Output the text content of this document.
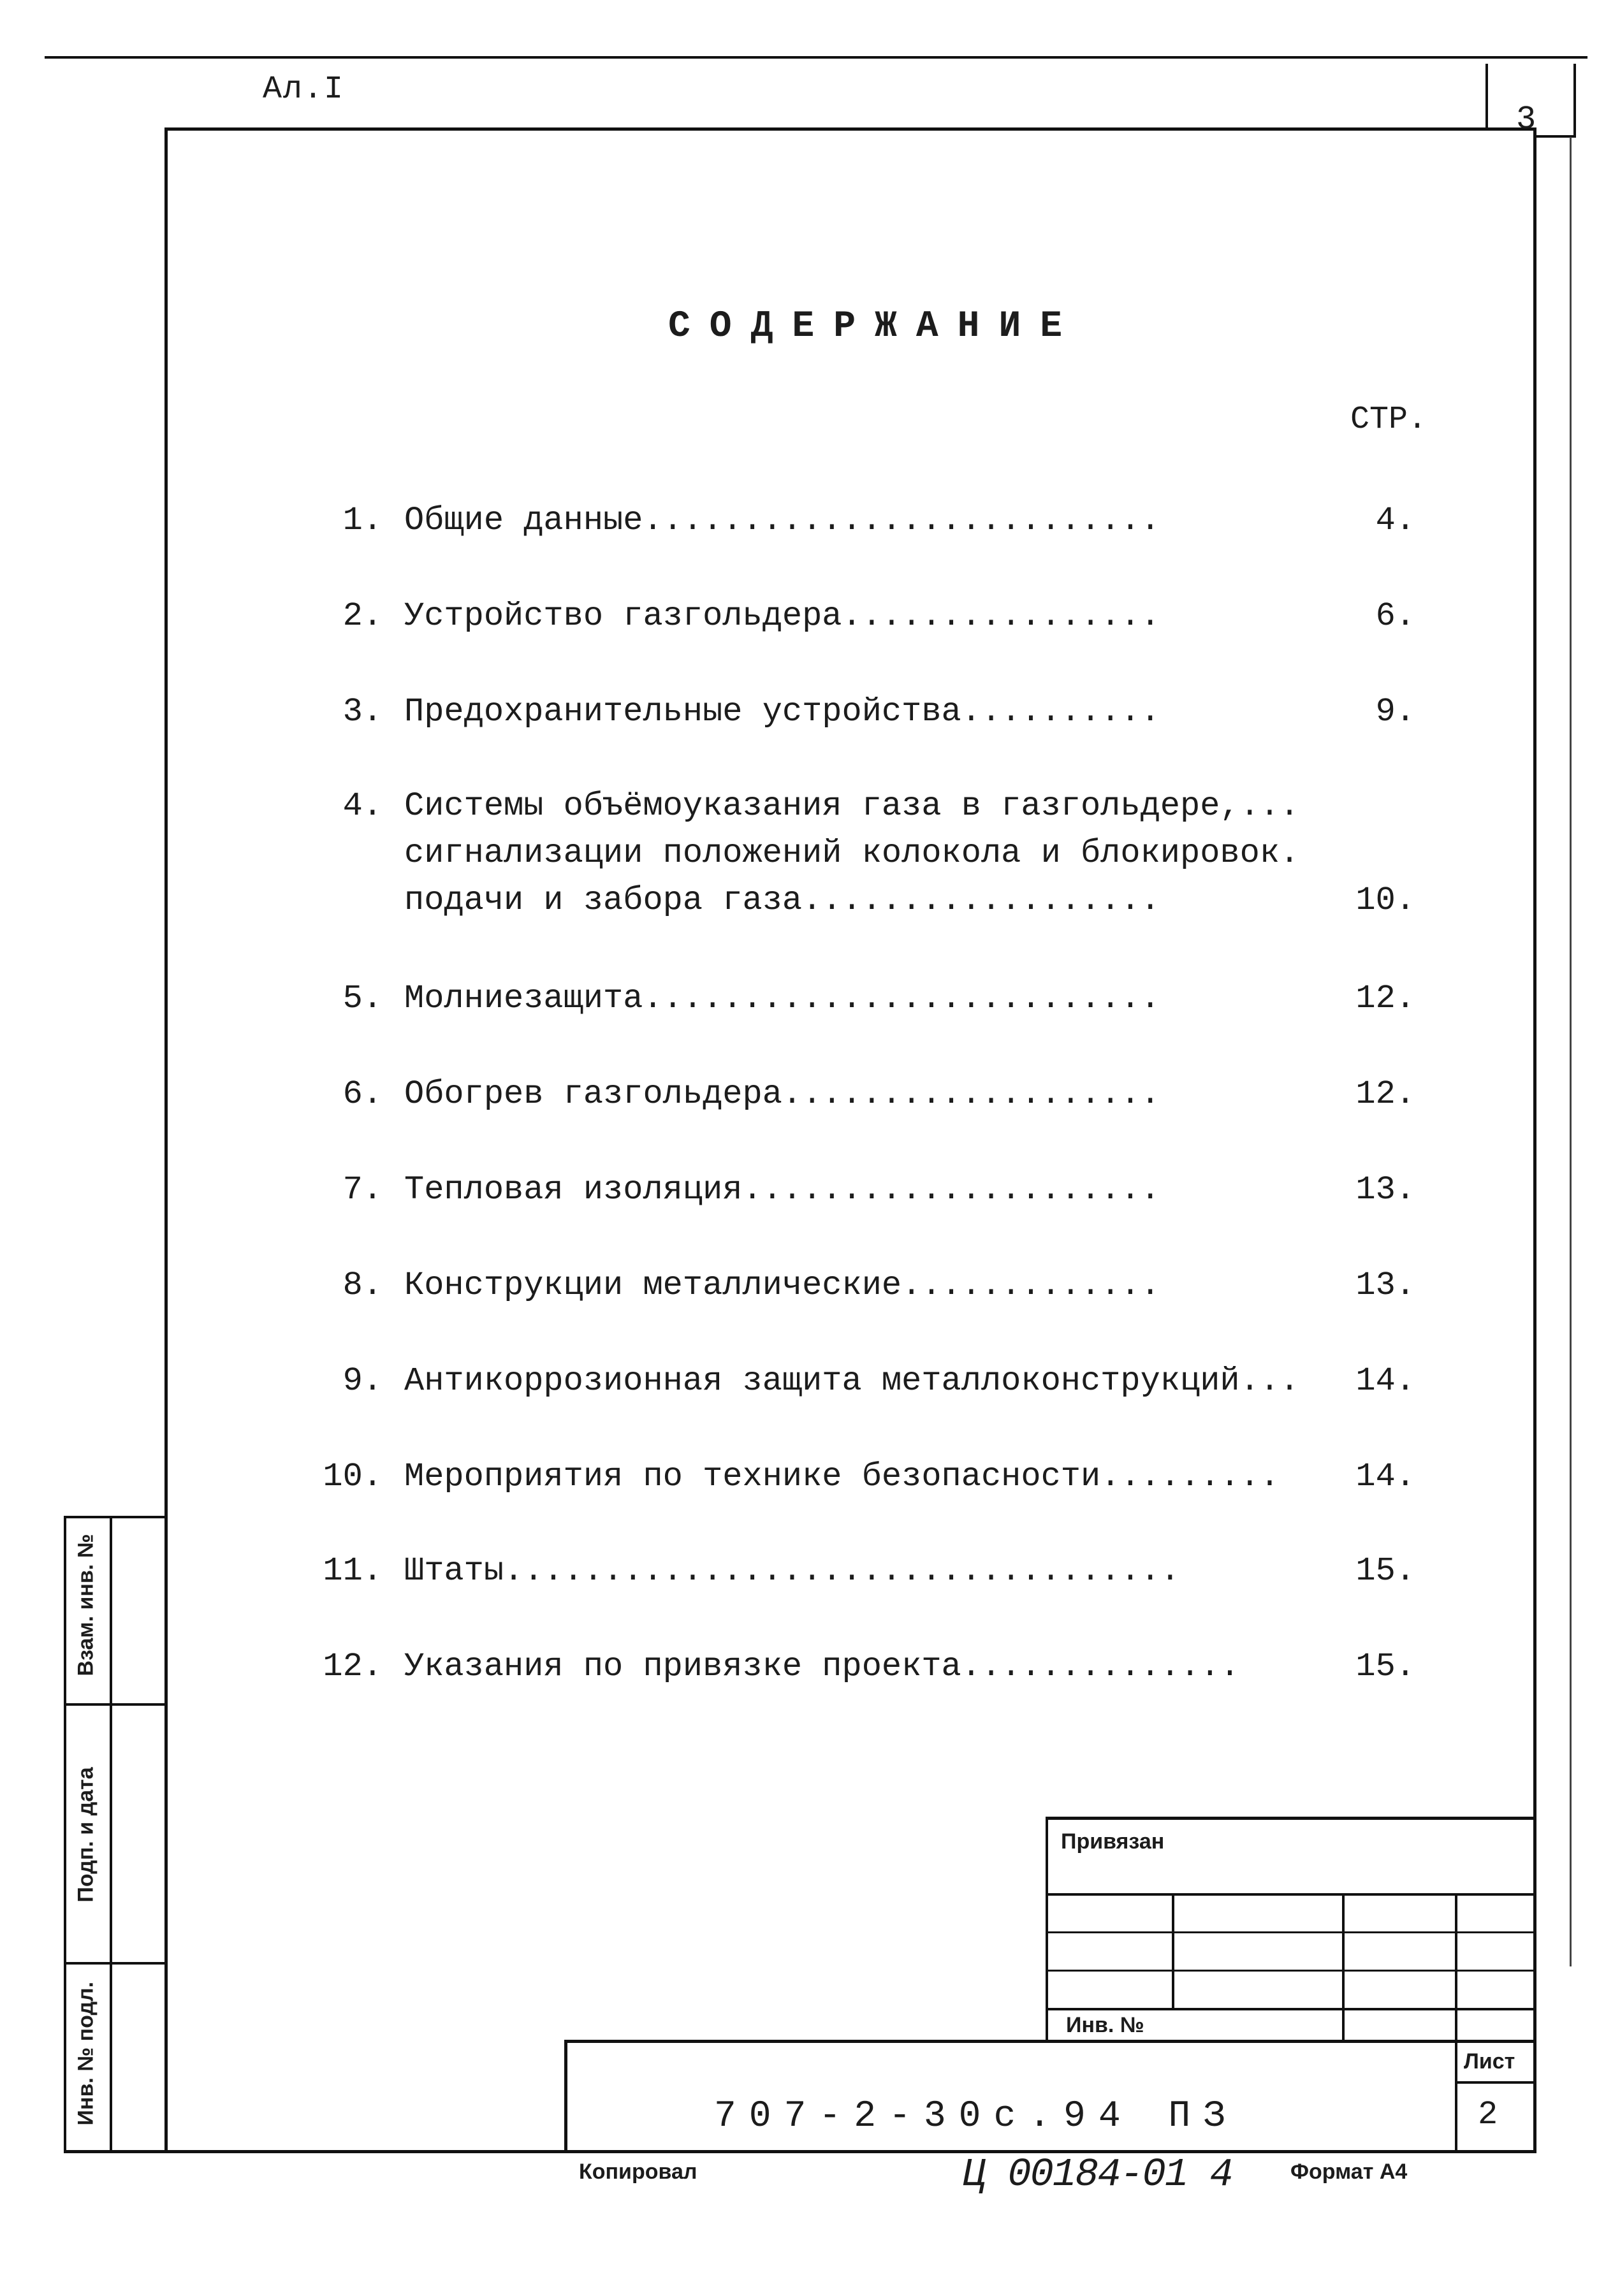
Ал.I
3
СОДЕРЖАНИЕ
СТР.
1. Общие данные..........................	4.
2. Устройство газгольдера................	6.
3. Предохранительные устройства..........	9.
4. Системы объёмоуказания газа в газгольдере,...
сигнализации положений колокола и блокировок.
подачи и забора газа..................	10.
5. Молниезащита..........................	12.
6. Обогрев газгольдера...................	12.
7. Тепловая изоляция.....................	13.
8. Конструкции металлические.............	13.
9. Антикоррозионная защита металлоконструкций...	14.
10. Мероприятия по технике безопасности.........	14.
11. Штаты..................................	15.
12. Указания по привязке проекта..............	15.
Взам. инв. №
Подп. и дата
Инв. № подл.
Привязан
Инв. №
Лист
707-2-30с.94 ПЗ	2
Копировал	Ц 00184-01 4	Формат А4
